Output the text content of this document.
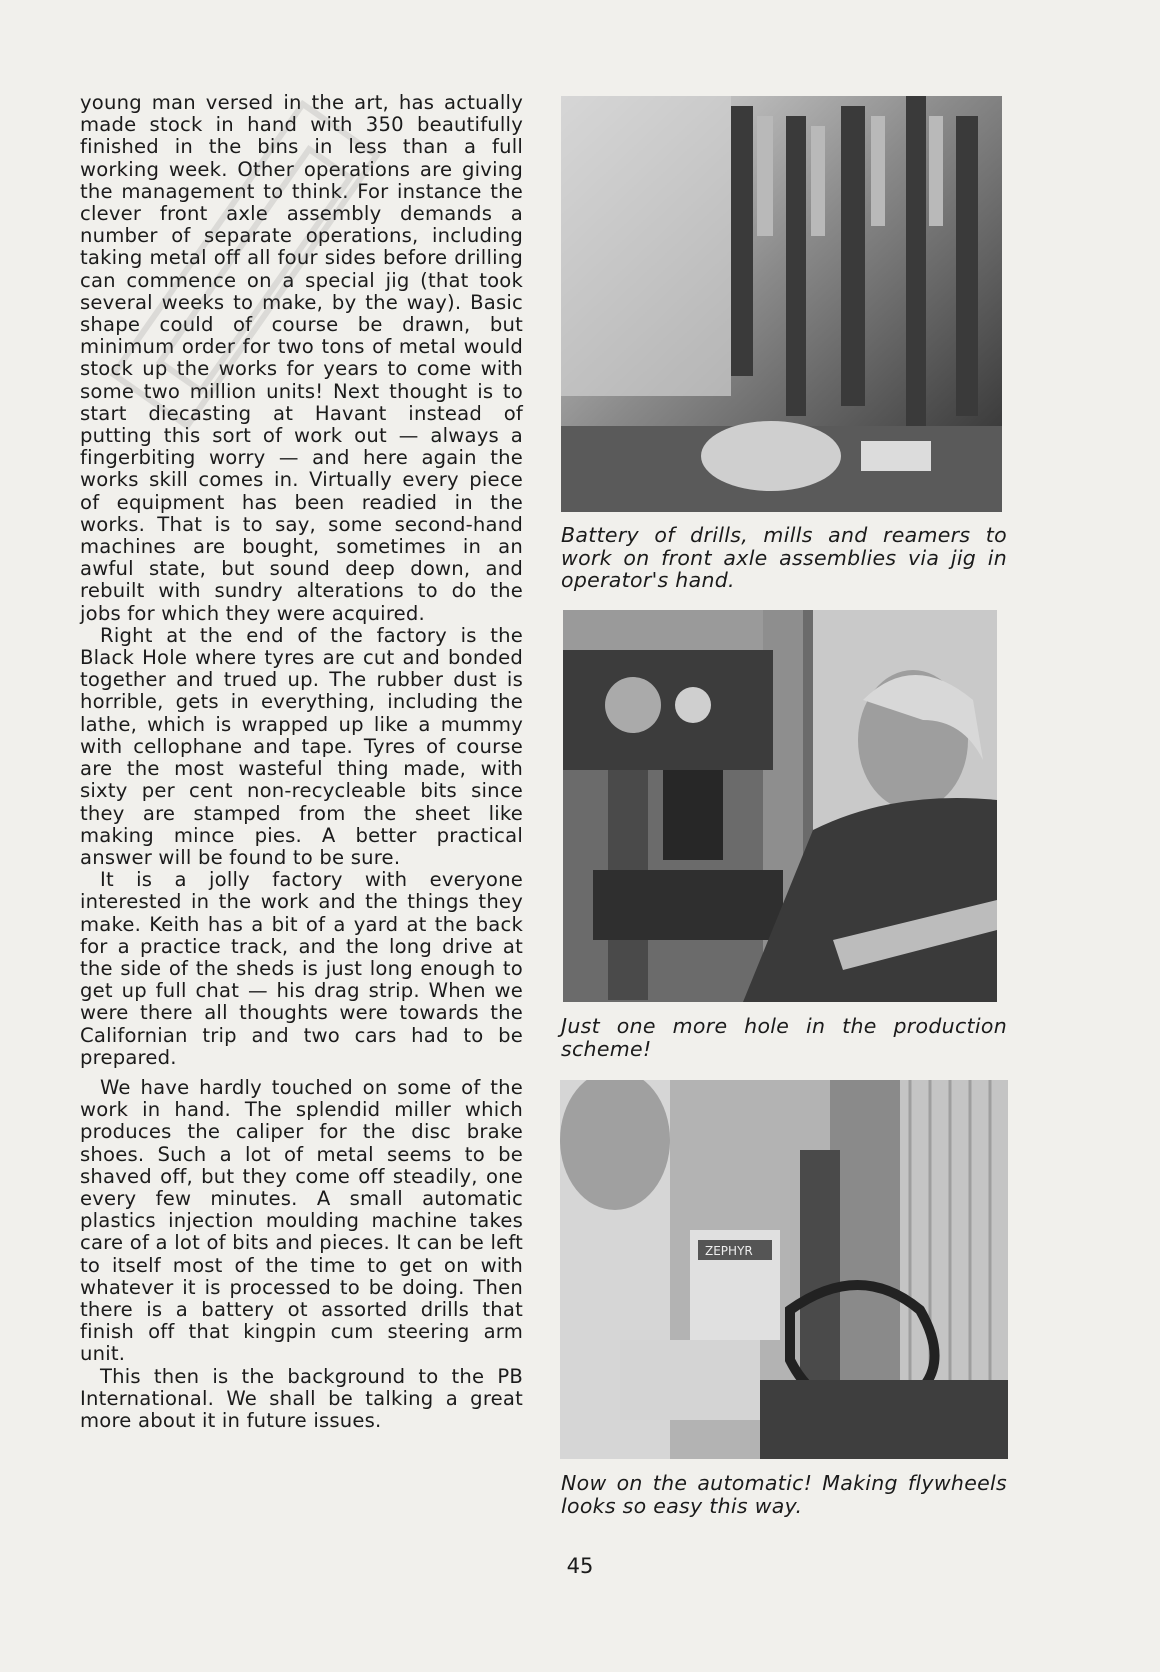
young man versed in the art, has actually made stock in hand with 350 beautifully finished in the bins in less than a full working week. Other operations are giving the management to think. For instance the clever front axle assembly demands a number of separate operations, including taking metal off all four sides before drilling can commence on a special jig (that took several weeks to make, by the way). Basic shape could of course be drawn, but minimum order for two tons of metal would stock up the works for years to come with some two million units! Next thought is to start diecasting at Havant instead of putting this sort of work out — always a fingerbiting worry — and here again the works skill comes in. Virtually every piece of equipment has been readied in the works. That is to say, some second-hand machines are bought, sometimes in an awful state, but sound deep down, and rebuilt with sundry alterations to do the jobs for which they were acquired.

Right at the end of the factory is the Black Hole where tyres are cut and bonded together and trued up. The rubber dust is horrible, gets in everything, including the lathe, which is wrapped up like a mummy with cellophane and tape. Tyres of course are the most wasteful thing made, with sixty per cent non-recycleable bits since they are stamped from the sheet like making mince pies. A better practical answer will be found to be sure.

It is a jolly factory with everyone interested in the work and the things they make. Keith has a bit of a yard at the back for a practice track, and the long drive at the side of the sheds is just long enough to get up full chat — his drag strip. When we were there all thoughts were towards the Californian trip and two cars had to be prepared.

We have hardly touched on some of the work in hand. The splendid miller which produces the caliper for the disc brake shoes. Such a lot of metal seems to be shaved off, but they come off steadily, one every few minutes. A small automatic plastics injection moulding machine takes care of a lot of bits and pieces. It can be left to itself most of the time to get on with whatever it is processed to be doing. Then there is a battery ot assorted drills that finish off that kingpin cum steering arm unit.

This then is the background to the PB International. We shall be talking a great more about it in future issues.

Battery of drills, mills and reamers to work on front axle assemblies via jig in operator's hand.
Just one more hole in the production scheme!
ZEPHYR
Now on the automatic! Making flywheels looks so easy this way.
45
